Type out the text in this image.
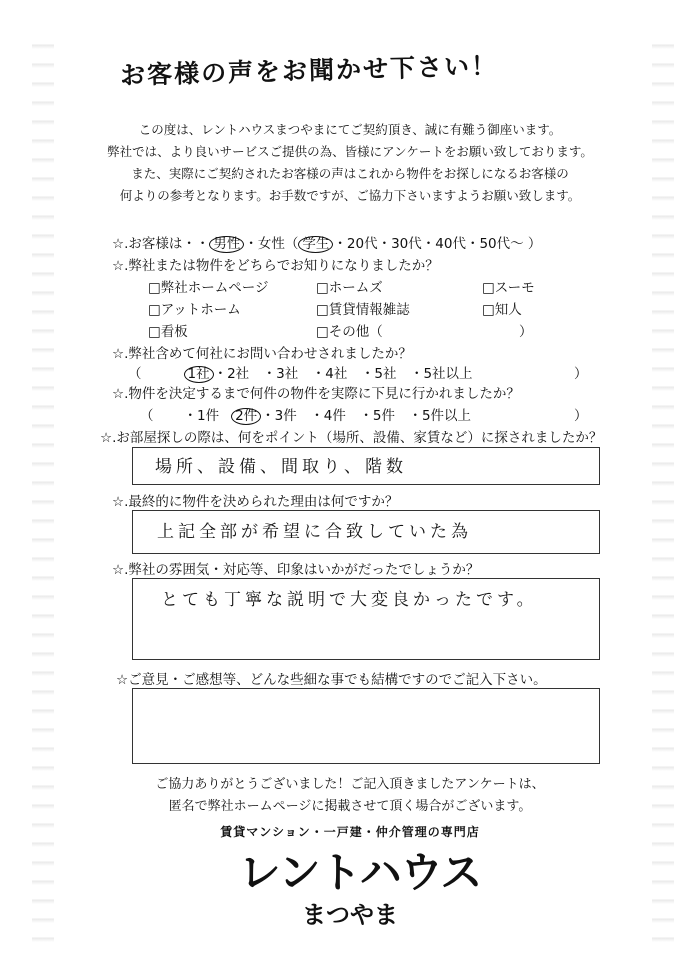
お客様の声をお聞かせ下さい！
この度は、レントハウスまつやまにてご契約頂き、誠に有難う御座います。
弊社では、より良いサービスご提供の為、皆様にアンケートをお願い致しております。
また、実際にご契約されたお客様の声はこれから物件をお探しになるお客様の
何よりの参考となります。お手数ですが、ご協力下さいますようお願い致します。
☆.お客様は・・ 男性 ・女性（ 学生 ・20代・30代・40代・50代〜 ）
☆.弊社または物件をどちらでお知りになりましたか？
□弊社ホームページ	□ホームズ	□スーモ
□アットホーム	□賃貸情報雑誌	□知人
□看板	□その他（	）
☆.弊社含めて何社にお問い合わせされましたか？
（	1社 ・2社　・3社　・4社　・5社　・5社以上	）
☆.物件を決定するまで何件の物件を実際に下見に行かれましたか？
（ ・1件 2件 ・3件　・4件　・5件　・5件以上	）
☆.お部屋探しの際は、何をポイント（場所、設備、家賃など）に探されましたか？
場所、設備、間取り、階数
☆.最終的に物件を決められた理由は何ですか？
上記全部が希望に合致していた為
☆.弊社の雰囲気・対応等、印象はいかがだったでしょうか？
とても丁寧な説明で大変良かったです。
☆ご意見・ご感想等、どんな些細な事でも結構ですのでご記入下さい。
ご協力ありがとうございました！ご記入頂きましたアンケートは、
匿名で弊社ホームページに掲載させて頂く場合がございます。
賃貸マンション・一戸建・仲介管理の専門店
レントハウス
まつやま
